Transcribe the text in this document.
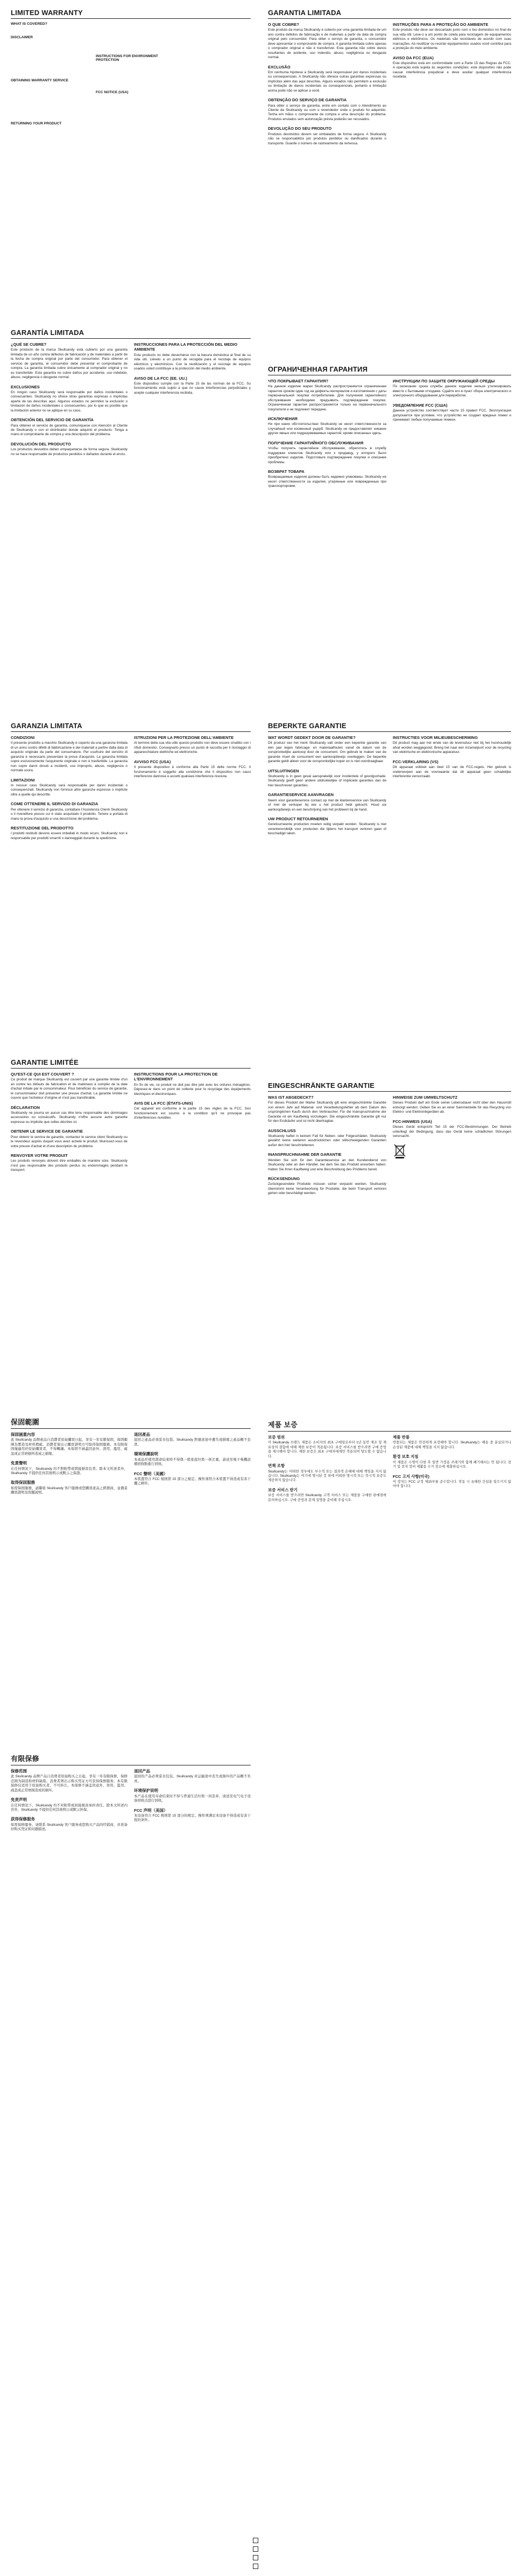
LIMITED WARRANTY
WHAT IS COVERED?
DISCLAIMER
INSTRUCTIONS FOR ENVIRONMENT PROTECTION
OBTAINING WARRANTY SERVICE
FCC NOTICE (USA)
RETURNING YOUR PRODUCT
GARANTIA LIMITADA
O QUE COBRE?

Este produto da marca Skullcandy é coberto por uma garantia limitada de um ano contra defeitos de fabricação e de materiais a partir da data de compra original pelo consumidor. Para obter o serviço de garantia, o consumidor deve apresentar o comprovante de compra. A garantia limitada cobre apenas o comprador original e não é transferível. Esta garantia não cobre danos resultantes de acidente, uso indevido, abuso, negligência ou desgaste normal.

EXCLUSÃO

Em nenhuma hipótese a Skullcandy será responsável por danos incidentais ou consequenciais. A Skullcandy não oferece outras garantias expressas ou implícitas além das aqui descritas. Alguns estados não permitem a exclusão ou limitação de danos incidentais ou consequenciais, portanto a limitação acima pode não se aplicar a você.

OBTENÇÃO DO SERVIÇO DE GARANTIA

Para obter o serviço de garantia, entre em contato com o Atendimento ao Cliente da Skullcandy ou com o revendedor onde o produto foi adquirido. Tenha em mãos o comprovante de compra e uma descrição do problema. Produtos enviados sem autorização prévia poderão ser recusados.

DEVOLUÇÃO DO SEU PRODUTO

Produtos devolvidos devem ser embalados de forma segura. A Skullcandy não se responsabiliza por produtos perdidos ou danificados durante o transporte. Guarde o número de rastreamento da remessa.

INSTRUÇÕES PARA A PROTEÇÃO DO AMBIENTE

Este produto não deve ser descartado junto com o lixo doméstico no final de sua vida útil. Leve-o a um ponto de coleta para reciclagem de equipamentos elétricos e eletrônicos. Os materiais são recicláveis de acordo com suas marcações. Ao reutilizar ou reciclar equipamentos usados você contribui para a proteção do meio ambiente.

AVISO DA FCC (EUA)

Este dispositivo está em conformidade com a Parte 15 das Regras da FCC. A operação está sujeita às seguintes condições: este dispositivo não pode causar interferência prejudicial e deve aceitar qualquer interferência recebida.

GARANTÍA LIMITADA
¿QUÉ SE CUBRE?

Este producto de la marca Skullcandy está cubierto por una garantía limitada de un año contra defectos de fabricación y de materiales a partir de la fecha de compra original por parte del consumidor. Para obtener el servicio de garantía, el consumidor debe presentar el comprobante de compra. La garantía limitada cubre únicamente al comprador original y no es transferible. Esta garantía no cubre daños por accidente, uso indebido, abuso, negligencia o desgaste normal.

EXCLUSIONES

En ningún caso Skullcandy será responsable por daños incidentales o consecuentes. Skullcandy no ofrece otras garantías expresas o implícitas aparte de las descritas aquí. Algunos estados no permiten la exclusión o limitación de daños incidentales o consecuentes, por lo que es posible que la limitación anterior no se aplique en su caso.

OBTENCIÓN DEL SERVICIO DE GARANTÍA

Para obtener el servicio de garantía, comuníquese con Atención al Cliente de Skullcandy o con el distribuidor donde adquirió el producto. Tenga a mano el comprobante de compra y una descripción del problema.

DEVOLUCIÓN DEL PRODUCTO

Los productos devueltos deben empaquetarse de forma segura. Skullcandy no se hace responsable de productos perdidos o dañados durante el envío.

INSTRUCCIONES PARA LA PROTECCIÓN DEL MEDIO AMBIENTE

Este producto no debe desecharse con la basura doméstica al final de su vida útil. Llévelo a un punto de recogida para el reciclaje de equipos eléctricos y electrónicos. Con la reutilización y el reciclaje de equipos usados usted contribuye a la protección del medio ambiente.

AVISO DE LA FCC (EE. UU.)

Este dispositivo cumple con la Parte 15 de las normas de la FCC. Su funcionamiento está sujeto a que no cause interferencias perjudiciales y acepte cualquier interferencia recibida.

ОГРАНИЧЕННАЯ ГАРАНТИЯ
ЧТО ПОКРЫВАЕТ ГАРАНТИЯ?

На данное изделие марки Skullcandy распространяется ограниченная гарантия сроком один год на дефекты материалов и изготовления с даты первоначальной покупки потребителем. Для получения гарантийного обслуживания необходимо предъявить подтверждение покупки. Ограниченная гарантия распространяется только на первоначального покупателя и не подлежит передаче.

ИСКЛЮЧЕНИЯ

Ни при каких обстоятельствах Skullcandy не несет ответственности за случайный или косвенный ущерб. Skullcandy не предоставляет никаких других явных или подразумеваемых гарантий, кроме описанных здесь.

ПОЛУЧЕНИЕ ГАРАНТИЙНОГО ОБСЛУЖИВАНИЯ

Чтобы получить гарантийное обслуживание, обратитесь в службу поддержки клиентов Skullcandy или к продавцу, у которого было приобретено изделие. Подготовьте подтверждение покупки и описание проблемы.

ВОЗВРАТ ТОВАРА

Возвращаемые изделия должны быть надежно упакованы. Skullcandy не несет ответственности за изделия, утерянные или поврежденные при транспортировке.

ИНСТРУКЦИИ ПО ЗАЩИТЕ ОКРУЖАЮЩЕЙ СРЕДЫ

По окончании срока службы данное изделие нельзя утилизировать вместе с бытовыми отходами. Сдайте его в пункт сбора электрического и электронного оборудования для переработки.

УВЕДОМЛЕНИЕ FCC (США)

Данное устройство соответствует части 15 правил FCC. Эксплуатация допускается при условии, что устройство не создает вредных помех и принимает любые получаемые помехи.

GARANZIA LIMITATA
CONDIZIONI

Il presente prodotto a marchio Skullcandy è coperto da una garanzia limitata di un anno contro difetti di fabbricazione e dei materiali a partire dalla data di acquisto originale da parte del consumatore. Per usufruire del servizio di garanzia è necessario presentare la prova d'acquisto. La garanzia limitata copre esclusivamente l'acquirente originale e non è trasferibile. La garanzia non copre danni dovuti a incidenti, uso improprio, abuso, negligenza o normale usura.

LIMITAZIONI

In nessun caso Skullcandy sarà responsabile per danni incidentali o consequenziali. Skullcandy non fornisce altre garanzie espresse o implicite oltre a quelle qui descritte.

COME OTTENERE IL SERVIZIO DI GARANZIA

Per ottenere il servizio di garanzia, contattare l'Assistenza Clienti Skullcandy o il rivenditore presso cui è stato acquistato il prodotto. Tenere a portata di mano la prova d'acquisto e una descrizione del problema.

RESTITUZIONE DEL PRODOTTO

I prodotti restituiti devono essere imballati in modo sicuro. Skullcandy non è responsabile per prodotti smarriti o danneggiati durante la spedizione.

ISTRUZIONI PER LA PROTEZIONE DELL'AMBIENTE

Al termine della sua vita utile questo prodotto non deve essere smaltito con i rifiuti domestici. Consegnarlo presso un punto di raccolta per il riciclaggio di apparecchiature elettriche ed elettroniche.

AVVISO FCC (USA)

Il presente dispositivo è conforme alla Parte 15 delle norme FCC. Il funzionamento è soggetto alla condizione che il dispositivo non causi interferenze dannose e accetti qualsiasi interferenza ricevuta.

BEPERKTE GARANTIE
WAT WORDT GEDEKT DOOR DE GARANTIE?

Dit product van het merk Skullcandy valt onder een beperkte garantie van één jaar tegen fabricage- en materiaalfouten vanaf de datum van de oorspronkelijke aankoop door de consument. Om gebruik te maken van de garantie moet de consument een aankoopbewijs overleggen. De beperkte garantie geldt alleen voor de oorspronkelijke koper en is niet overdraagbaar.

UITSLUITINGEN

Skullcandy is in geen geval aansprakelijk voor incidentele of gevolgschade. Skullcandy geeft geen andere uitdrukkelijke of impliciete garanties dan de hier beschreven garanties.

GARANTIESERVICE AANVRAGEN

Neem voor garantieservice contact op met de klantenservice van Skullcandy of met de verkoper bij wie u het product hebt gekocht. Houd uw aankoopbewijs en een beschrijving van het probleem bij de hand.

UW PRODUCT RETOURNEREN

Geretourneerde producten moeten veilig verpakt worden. Skullcandy is niet verantwoordelijk voor producten die tijdens het transport verloren gaan of beschadigd raken.

INSTRUCTIES VOOR MILIEUBESCHERMING

Dit product mag aan het einde van de levensduur niet bij het huishoudelijk afval worden weggegooid. Breng het naar een inzamelpunt voor de recycling van elektrische en elektronische apparatuur.

FCC-VERKLARING (VS)

Dit apparaat voldoet aan deel 15 van de FCC-regels. Het gebruik is onderworpen aan de voorwaarde dat dit apparaat geen schadelijke interferentie veroorzaakt.

GARANTIE LIMITÉE
QU'EST-CE QUI EST COUVERT ?

Ce produit de marque Skullcandy est couvert par une garantie limitée d'un an contre les défauts de fabrication et de matériaux à compter de la date d'achat initiale par le consommateur. Pour bénéficier du service de garantie, le consommateur doit présenter une preuve d'achat. La garantie limitée ne couvre que l'acheteur d'origine et n'est pas transférable.

DÉCLARATION

Skullcandy ne pourra en aucun cas être tenu responsable des dommages accessoires ou consécutifs. Skullcandy n'offre aucune autre garantie expresse ou implicite que celles décrites ici.

OBTENIR LE SERVICE DE GARANTIE

Pour obtenir le service de garantie, contactez le service client Skullcandy ou le revendeur auprès duquel vous avez acheté le produit. Munissez-vous de votre preuve d'achat et d'une description du problème.

RENVOYER VOTRE PRODUIT

Les produits renvoyés doivent être emballés de manière sûre. Skullcandy n'est pas responsable des produits perdus ou endommagés pendant le transport.

INSTRUCTIONS POUR LA PROTECTION DE L'ENVIRONNEMENT

En fin de vie, ce produit ne doit pas être jeté avec les ordures ménagères. Déposez-le dans un point de collecte pour le recyclage des équipements électriques et électroniques.

AVIS DE LA FCC (ÉTATS-UNIS)

Cet appareil est conforme à la partie 15 des règles de la FCC. Son fonctionnement est soumis à la condition qu'il ne provoque pas d'interférences nuisibles.

EINGESCHRÄNKTE GARANTIE
WAS IST ABGEDECKT?

Für dieses Produkt der Marke Skullcandy gilt eine eingeschränkte Garantie von einem Jahr auf Material- und Verarbeitungsfehler ab dem Datum des ursprünglichen Kaufs durch den Verbraucher. Für die Inanspruchnahme der Garantie ist ein Kaufbeleg vorzulegen. Die eingeschränkte Garantie gilt nur für den Erstkäufer und ist nicht übertragbar.

AUSSCHLUSS

Skullcandy haftet in keinem Fall für Neben- oder Folgeschäden. Skullcandy gewährt keine weiteren ausdrücklichen oder stillschweigenden Garantien außer den hier beschriebenen.

INANSPRUCHNAHME DER GARANTIE

Wenden Sie sich für den Garantieservice an den Kundendienst von Skullcandy oder an den Händler, bei dem Sie das Produkt erworben haben. Halten Sie Ihren Kaufbeleg und eine Beschreibung des Problems bereit.

RÜCKSENDUNG

Zurückgesendete Produkte müssen sicher verpackt werden. Skullcandy übernimmt keine Verantwortung für Produkte, die beim Transport verloren gehen oder beschädigt werden.

HINWEISE ZUM UMWELTSCHUTZ

Dieses Produkt darf am Ende seiner Lebensdauer nicht über den Hausmüll entsorgt werden. Geben Sie es an einer Sammelstelle für das Recycling von Elektro- und Elektronikgeräten ab.

FCC-HINWEIS (USA)

Dieses Gerät entspricht Teil 15 der FCC-Bestimmungen. Der Betrieb unterliegt der Bedingung, dass das Gerät keine schädlichen Störungen verursacht.

保固範圍
保固涵蓋內容

此 Skullcandy 品牌產品自消費者原始購買日起，享有一年有限保固，保固範圍為製造及材料瑕疵。消費者須出示購買證明方可取得保固服務。本有限保固僅適用於原始購買者，不得轉讓。本保固不涵蓋因意外、誤用、濫用、疏忽或正常磨損所造成之損壞。

免責聲明

在任何情況下，Skullcandy 均不對附帶或間接損害負責。除本文所述者外，Skullcandy 不提供任何其他明示或默示之保證。

取得保固服務

如需保固服務，請聯絡 Skullcandy 客戶服務或您購買產品之經銷商，並備妥購買證明及問題說明。

退回產品

退回之產品必須妥善包裝。Skullcandy 對運送途中遺失或損壞之產品概不負責。

環境保護說明

本產品於使用壽命結束時不得與一般家庭垃圾一併丟棄，請送至電子電機設備回收點進行回收。

FCC 聲明（美國）

本裝置符合 FCC 規則第 15 部分之規定。操作須符合本裝置不得造成有害干擾之條件。

제품 보증
보증 범위

이 Skullcandy 브랜드 제품은 소비자의 최초 구매일로부터 1년 동안 제조 및 재료상의 결함에 대해 제한 보증이 적용됩니다. 보증 서비스를 받으려면 구매 증빙을 제시해야 합니다. 제한 보증은 최초 구매자에게만 적용되며 양도할 수 없습니다.

면책 조항

Skullcandy는 어떠한 경우에도 부수적 또는 결과적 손해에 대해 책임을 지지 않습니다. Skullcandy는 여기에 명시된 것 외에 어떠한 명시적 또는 묵시적 보증도 제공하지 않습니다.

보증 서비스 받기

보증 서비스를 받으려면 Skullcandy 고객 서비스 또는 제품을 구매한 판매점에 문의하십시오. 구매 증빙과 문제 설명을 준비해 주십시오.

제품 반품

반품되는 제품은 안전하게 포장해야 합니다. Skullcandy는 배송 중 분실되거나 손상된 제품에 대해 책임을 지지 않습니다.

환경 보호 지침

이 제품은 수명이 다한 후 일반 가정용 쓰레기와 함께 폐기해서는 안 됩니다. 전기 및 전자 장비 재활용 수거 장소에 제출하십시오.

FCC 고지 사항(미국)

이 장치는 FCC 규정 제15부를 준수합니다. 작동 시 유해한 간섭을 일으키지 않아야 합니다.

有限保修
保修范围

此 Skullcandy 品牌产品自消费者原始购买之日起，享有一年有限保修，保修范围为制造和材料缺陷。消费者须出示购买凭证方可获得保修服务。本有限保修仅适用于原始购买者，不可转让。本保修不涵盖因意外、误用、滥用、疏忽或正常磨损造成的损坏。

免责声明

在任何情况下，Skullcandy 均不对附带或间接损害承担责任。除本文所述内容外，Skullcandy 不提供任何其他明示或默示担保。

获得保修服务

如需保修服务，请联系 Skullcandy 客户服务或您购买产品的经销商，并准备好购买凭证和问题描述。

退回产品

退回的产品必须妥善包装。Skullcandy 对运输途中丢失或损坏的产品概不负责。

环境保护说明

本产品在使用寿命结束时不得与普通生活垃圾一同丢弃，请送至电气电子设备回收点进行回收。

FCC 声明（美国）

本设备符合 FCC 规则第 15 部分的规定。操作须满足本设备不得造成有害干扰的条件。
